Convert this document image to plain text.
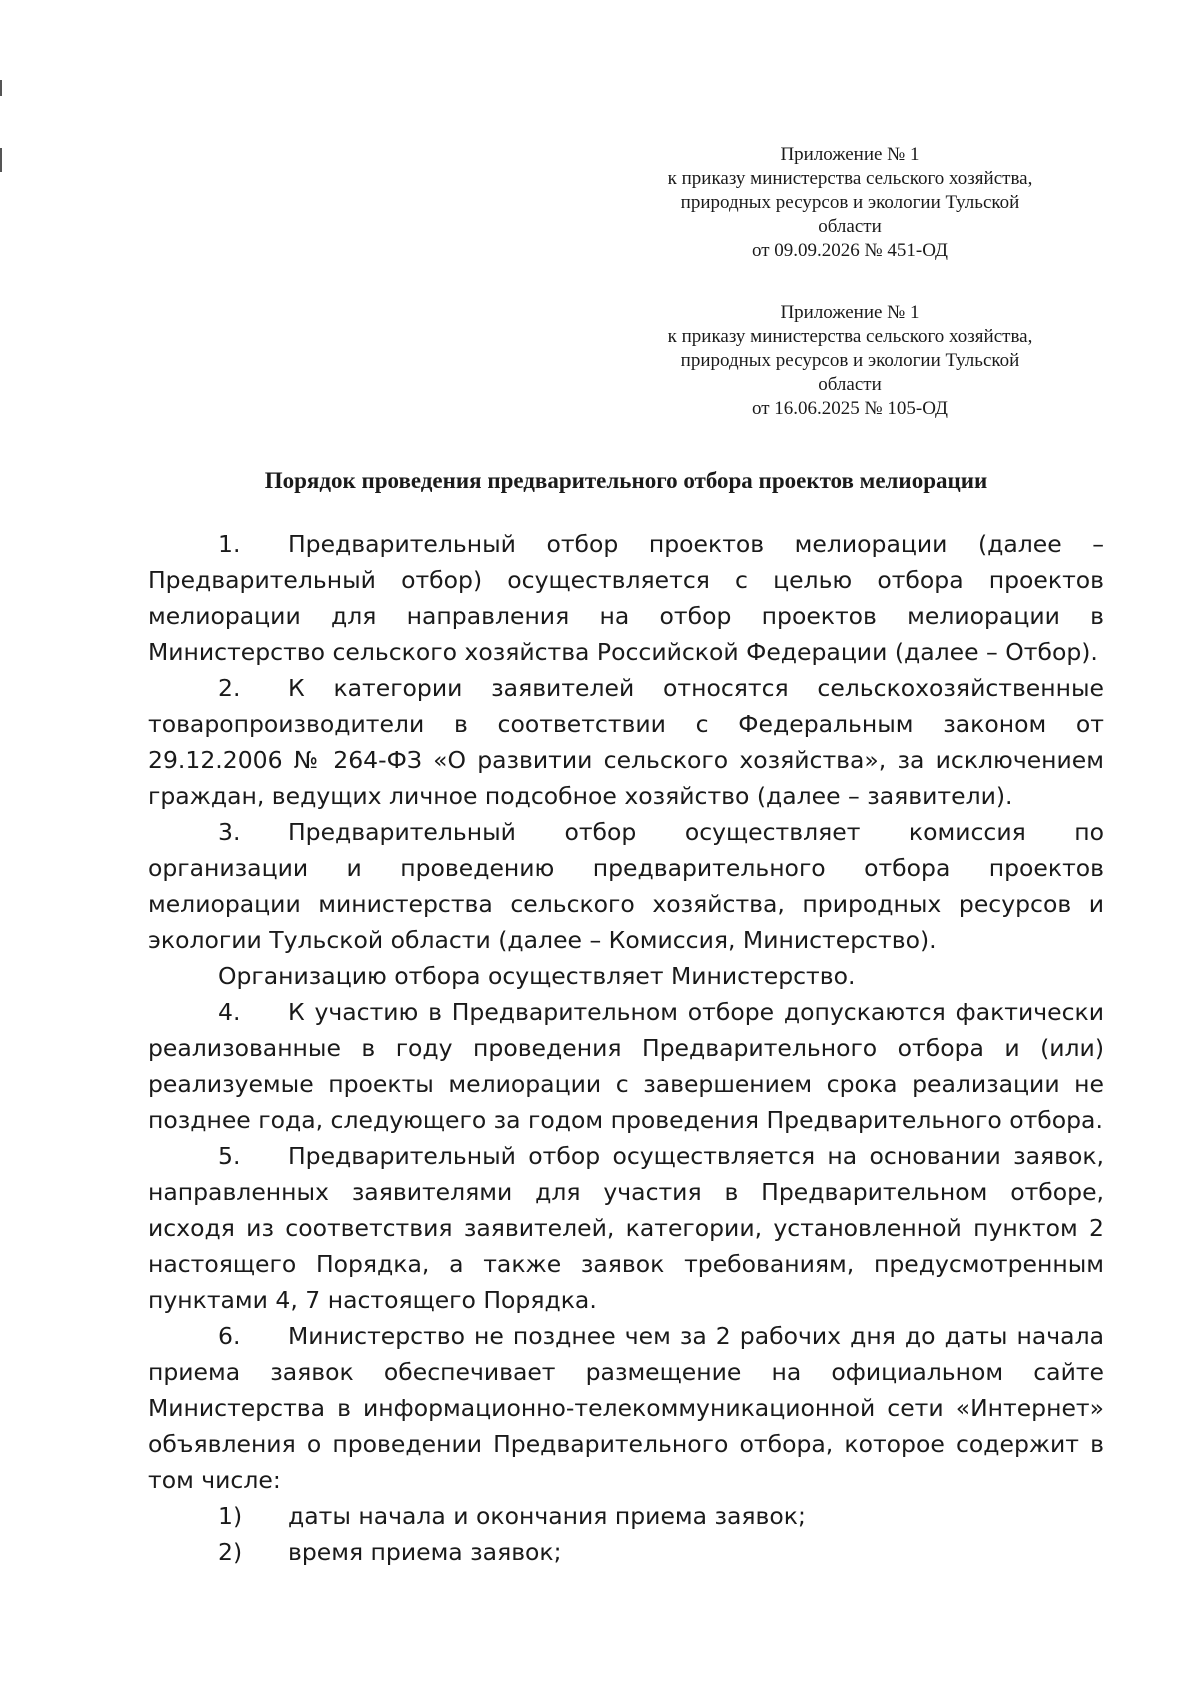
Приложение № 1
к приказу министерства сельского хозяйства,
природных ресурсов и экологии Тульской
области
от 09.09.2026 № 451-ОД
Приложение № 1
к приказу министерства сельского хозяйства,
природных ресурсов и экологии Тульской
области
от 16.06.2025 № 105-ОД
Порядок проведения предварительного отбора проектов мелиорации

1. Предварительный отбор проектов мелиорации (далее – Предварительный отбор) осуществляется с целью отбора проектов мелиорации для направления на отбор проектов мелиорации в Министерство сельского хозяйства Российской Федерации (далее – Отбор).

2. К категории заявителей относятся сельскохозяйственные товаропроизводители в соответствии с Федеральным законом от 29.12.2006 № 264-ФЗ «О развитии сельского хозяйства», за исключением граждан, ведущих личное подсобное хозяйство (далее – заявители).

3. Предварительный отбор осуществляет комиссия по организации и проведению предварительного отбора проектов мелиорации министерства сельского хозяйства, природных ресурсов и экологии Тульской области (далее – Комиссия, Министерство).

Организацию отбора осуществляет Министерство.

4. К участию в Предварительном отборе допускаются фактически реализованные в году проведения Предварительного отбора и (или) реализуемые проекты мелиорации с завершением срока реализации не позднее года, следующего за годом проведения Предварительного отбора.

5. Предварительный отбор осуществляется на основании заявок, направленных заявителями для участия в Предварительном отборе, исходя из соответствия заявителей, категории, установленной пунктом 2 настоящего Порядка, а также заявок требованиям, предусмотренным пунктами 4, 7 настоящего Порядка.

6. Министерство не позднее чем за 2 рабочих дня до даты начала приема заявок обеспечивает размещение на официальном сайте Министерства в информационно-телекоммуникационной сети «Интернет» объявления о проведении Предварительного отбора, которое содержит в том числе:

1)	даты начала и окончания приема заявок;

2)	время приема заявок;
